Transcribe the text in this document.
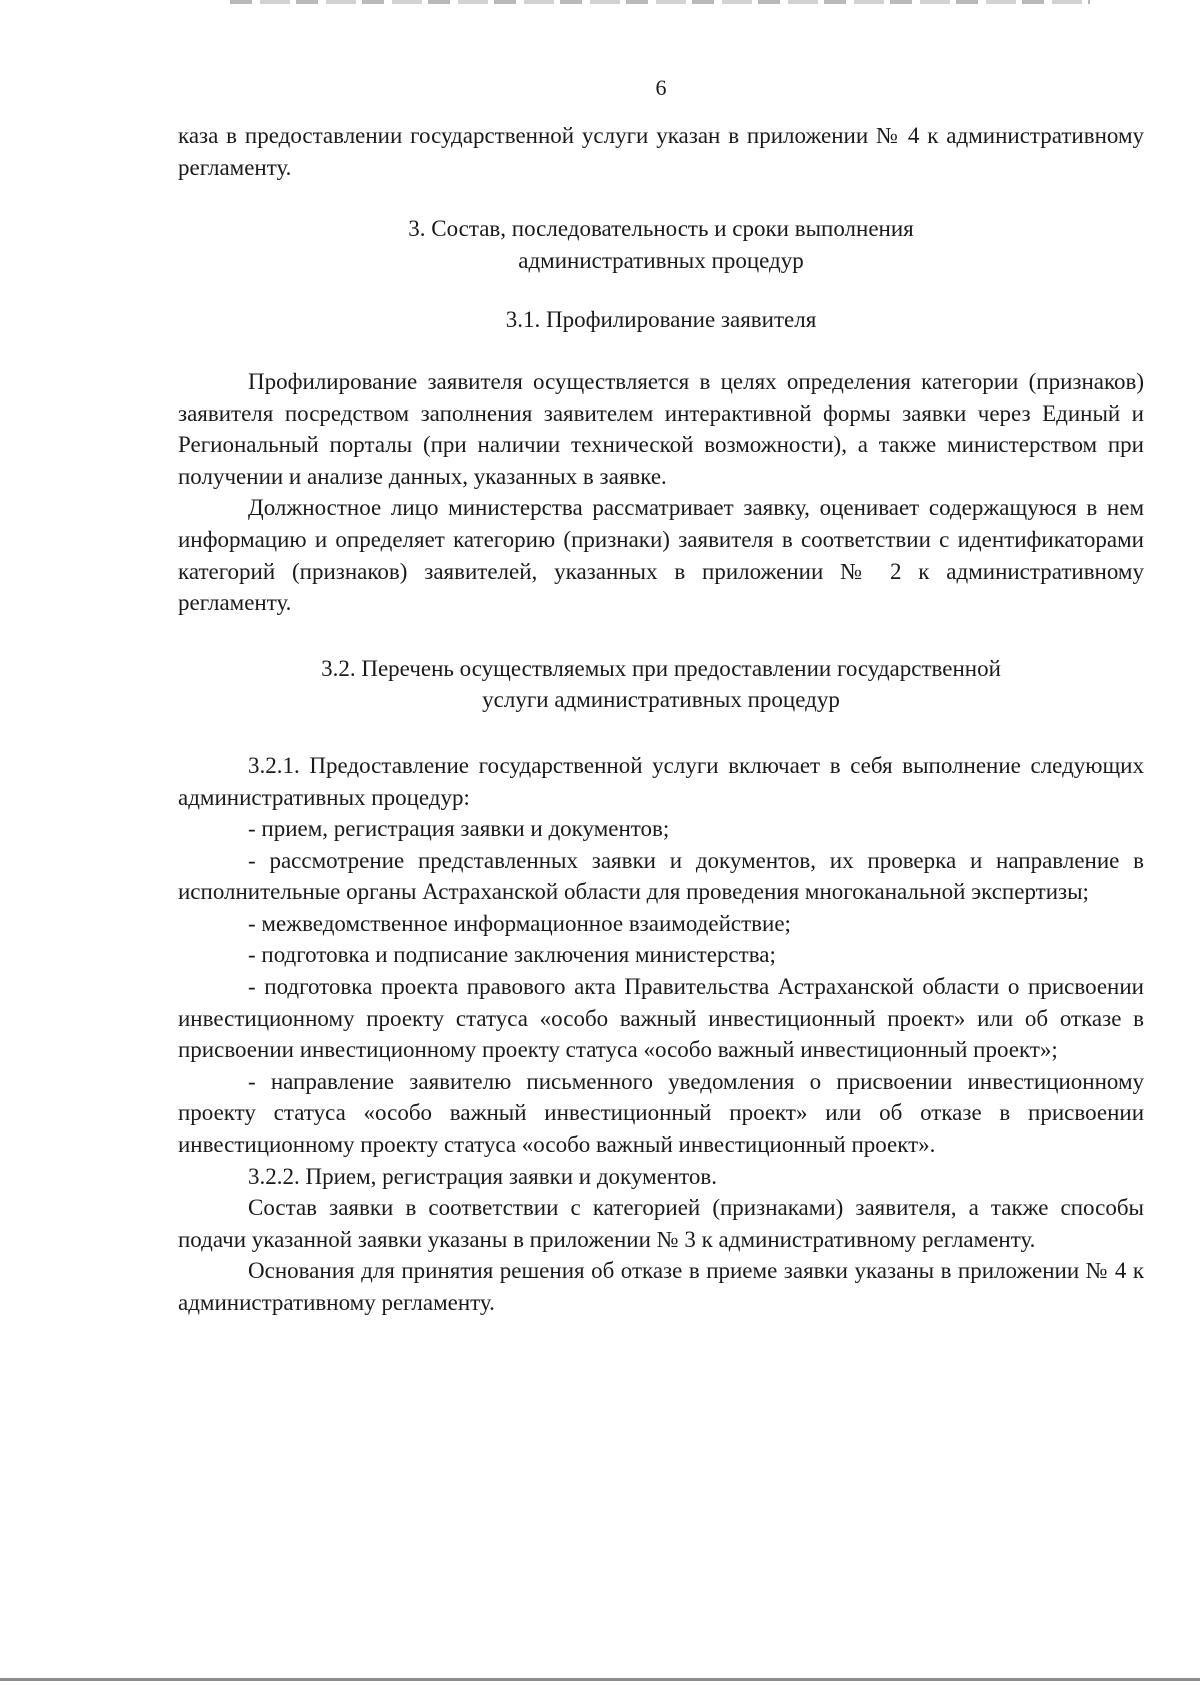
6

каза в предоставлении государственной услуги указан в приложении № 4 к административному регламенту.

3. Состав, последовательность и сроки выполнения
административных процедур
3.1. Профилирование заявителя

Профилирование заявителя осуществляется в целях определения категории (признаков) заявителя посредством заполнения заявителем интерактивной формы заявки через Единый и Региональный порталы (при наличии технической возможности), а также министерством при получении и анализе данных, указанных в заявке.

Должностное лицо министерства рассматривает заявку, оценивает содержащуюся в нем информацию и определяет категорию (признаки) заявителя в соответствии с идентификаторами категорий (признаков) заявителей, указанных в приложении № 2 к административному регламенту.

3.2. Перечень осуществляемых при предоставлении государственной
услуги административных процедур

3.2.1. Предоставление государственной услуги включает в себя выполнение следующих административных процедур:

- прием, регистрация заявки и документов;

- рассмотрение представленных заявки и документов, их проверка и направление в исполнительные органы Астраханской области для проведения многоканальной экспертизы;

- межведомственное информационное взаимодействие;

- подготовка и подписание заключения министерства;

- подготовка проекта правового акта Правительства Астраханской области о присвоении инвестиционному проекту статуса «особо важный инвестиционный проект» или об отказе в присвоении инвестиционному проекту статуса «особо важный инвестиционный проект»;

- направление заявителю письменного уведомления о присвоении инвестиционному проекту статуса «особо важный инвестиционный проект» или об отказе в присвоении инвестиционному проекту статуса «особо важный инвестиционный проект».

3.2.2. Прием, регистрация заявки и документов.

Состав заявки в соответствии с категорией (признаками) заявителя, а также способы подачи указанной заявки указаны в приложении № 3 к административному регламенту.

Основания для принятия решения об отказе в приеме заявки указаны в приложении № 4 к административному регламенту.
